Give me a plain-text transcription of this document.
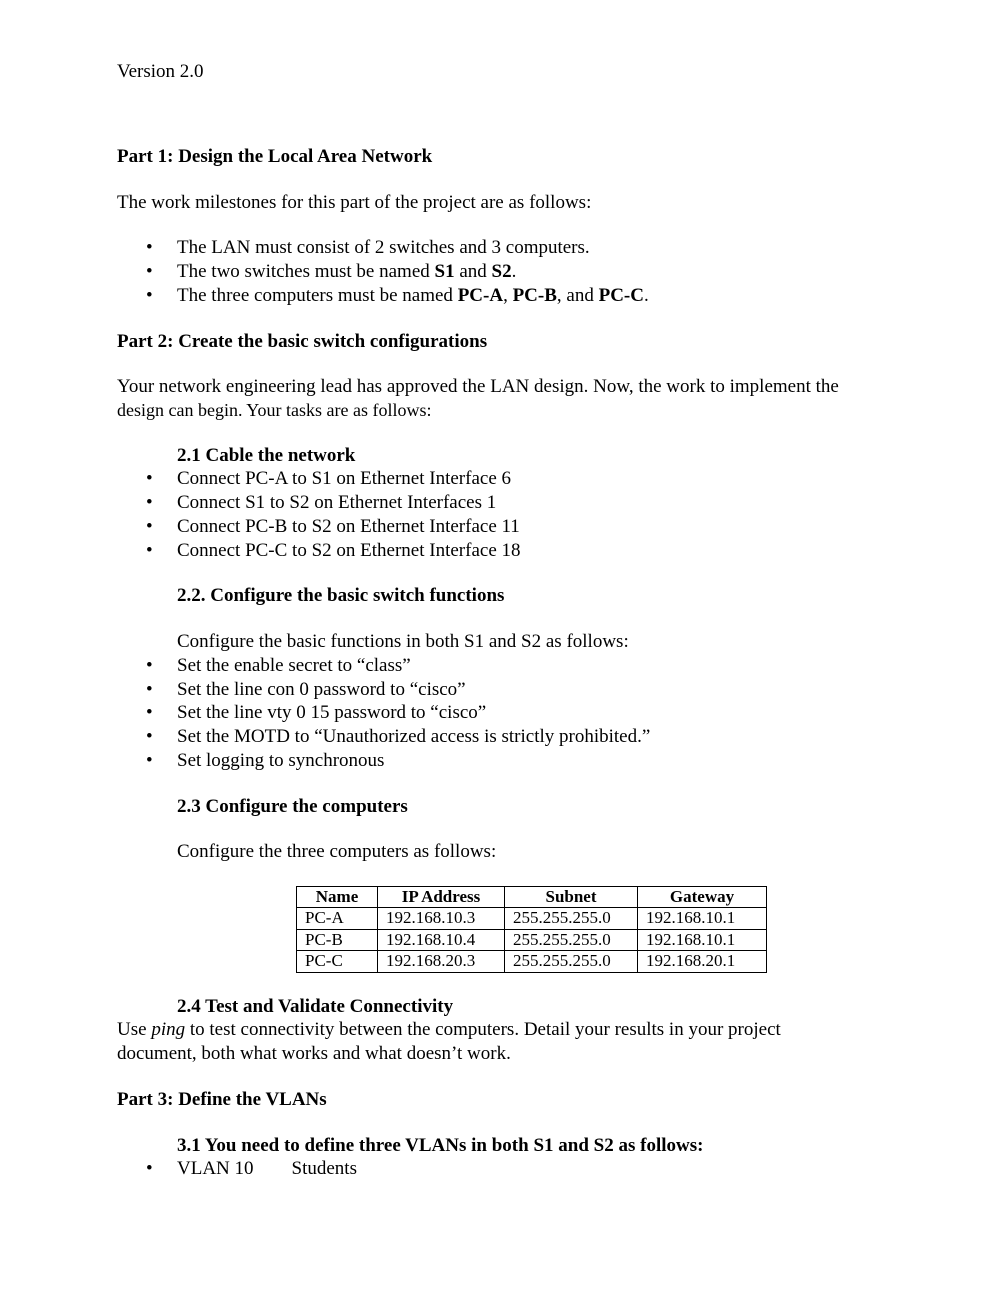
Version 2.0

Part 1: Design the Local Area Network

The work milestones for this part of the project are as follows:

• The LAN must consist of 2 switches and 3 computers.
• The two switches must be named S1 and S2.
• The three computers must be named PC-A, PC-B, and PC-C.

Part 2: Create the basic switch configurations

Your network engineering lead has approved the LAN design. Now, the work to implement the

design can begin. Your tasks are as follows:

2.1 Cable the network

• Connect PC-A to S1 on Ethernet Interface 6
• Connect S1 to S2 on Ethernet Interfaces 1
• Connect PC-B to S2 on Ethernet Interface 11
• Connect PC-C to S2 on Ethernet Interface 18

2.2. Configure the basic switch functions

Configure the basic functions in both S1 and S2 as follows:

• Set the enable secret to “class”
• Set the line con 0 password to “cisco”
• Set the line vty 0 15 password to “cisco”
• Set the MOTD to “Unauthorized access is strictly prohibited.”
• Set logging to synchronous

2.3 Configure the computers

Configure the three computers as follows:

Name	IP Address	Subnet	Gateway
PC-A	192.168.10.3	255.255.255.0	192.168.10.1
PC-B	192.168.10.4	255.255.255.0	192.168.10.1
PC-C	192.168.20.3	255.255.255.0	192.168.20.1

2.4 Test and Validate Connectivity

Use ping to test connectivity between the computers. Detail your results in your project

document, both what works and what doesn’t work.

Part 3: Define the VLANs

3.1 You need to define three VLANs in both S1 and S2 as follows:

• VLAN 10 Students
